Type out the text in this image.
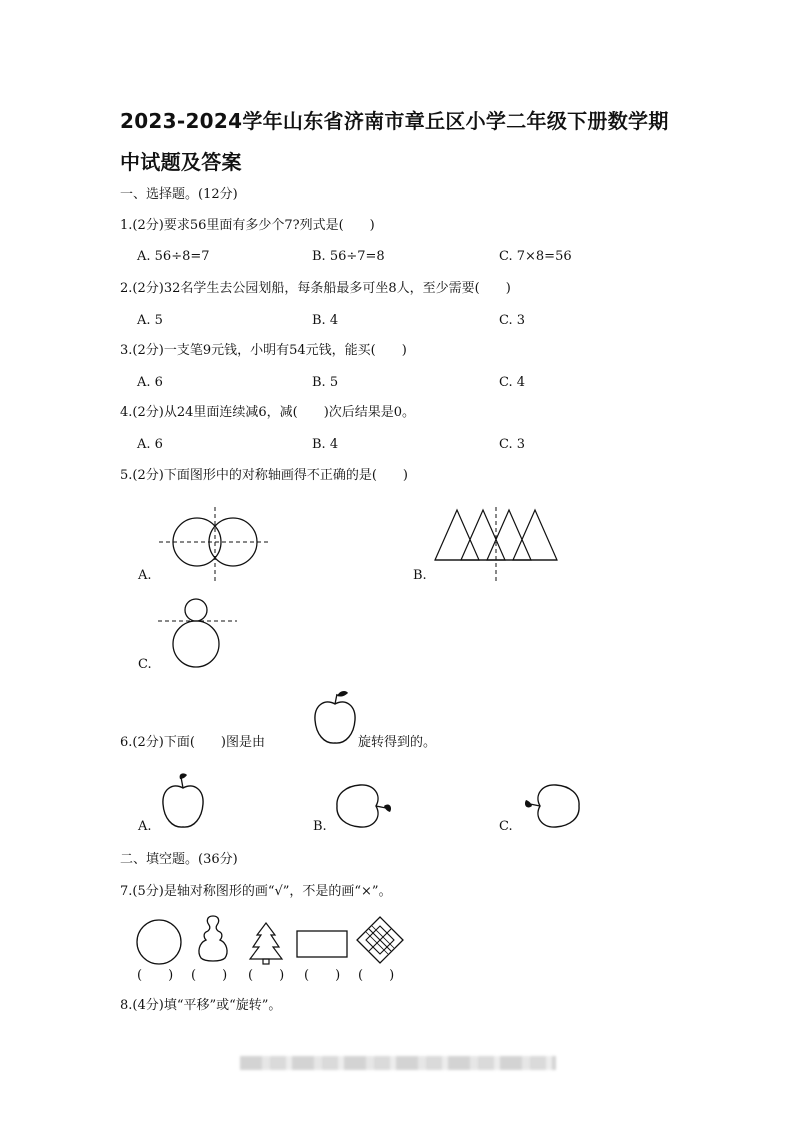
2023-2024学年山东省济南市章丘区小学二年级下册数学期
中试题及答案
一、选择题。(12分)
1.(2分)要求56里面有多少个7?列式是(　　)
A. 56÷8=7	B. 56÷7=8	C. 7×8=56
2.(2分)32名学生去公园划船，每条船最多可坐8人，至少需要(　　)
A. 5	B. 4	C. 3
3.(2分)一支笔9元钱，小明有54元钱，能买(　　)
A. 6	B. 5	C. 4
4.(2分)从24里面连续减6，减(　　)次后结果是0。
A. 6	B. 4	C. 3
5.(2分)下面图形中的对称轴画得不正确的是(　　)
A.	B.
C.
6.(2分)下面(　　)图是由	旋转得到的。
A.	B.	C.
二、填空题。(36分)
7.(5分)是轴对称图形的画“√”，不是的画“×”。
(　　) (　　) (　　) (　　) (　　)
8.(4分)填“平移”或“旋转”。
